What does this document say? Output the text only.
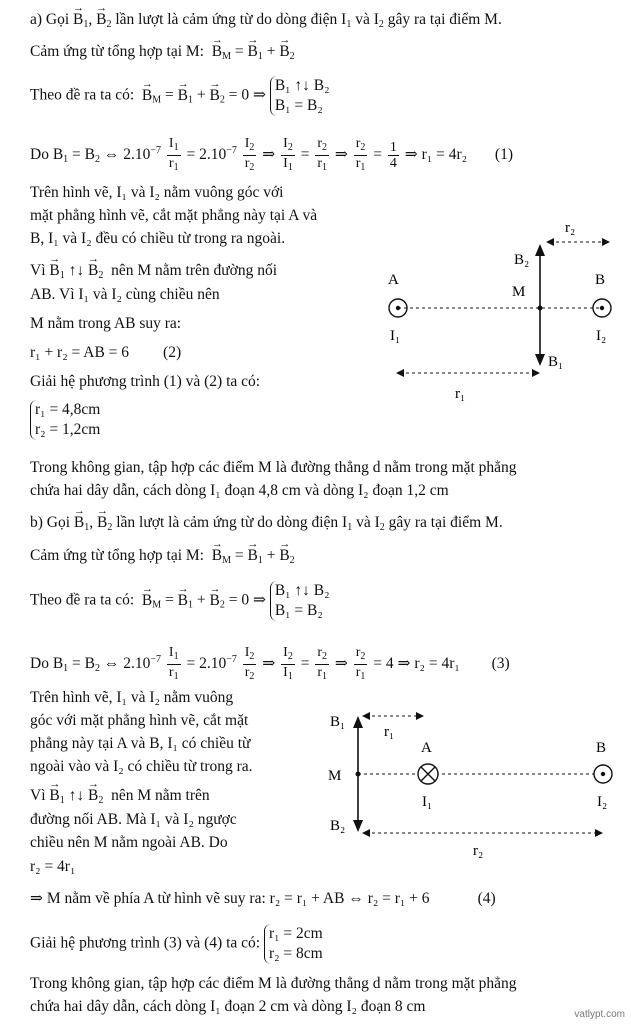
a) Gọi → $B_1$, → $B_2$ lần lượt là cảm ứng từ do dòng điện $I_1$ và $I_2$ gây ra tại điểm M.
Cảm ứng từ tổng hợp tại M: → $B_M$ = → $B_1$ + → $B_2$
Theo đề ra ta có: → $B_M$ = → $B_1$ + → $B_2 = 0$ ⇒
B₁ ↑↓ B₂
B₁ = B₂
Do $B_1 = B_2$ ⇔ $2.10^{-7} \frac{I_1}{r_1} = 2.10^{-7} \frac{I_2}{r_2}$ ⇒ $\frac{I_2}{I_1} = \frac{r_2}{r_1}$ ⇒ $\frac{r_2}{r_1} = \frac{1}{4}$ ⇒ r₁ = 4r₂ (1)
Trên hình vẽ, I₁ và I₂ nằm vuông góc với
mặt phẳng hình vẽ, cắt mặt phẳng này tại A và
B, I₁ và I₂ đều có chiều từ trong ra ngoài.
Vì → $B_1$ ↑↓ → $B_2$ nên M nằm trên đường nối
AB. Vì I₁ và I₂ cùng chiều nên
M nằm trong AB suy ra:
r₁ + r₂ = AB = 6 (2)
Giải hệ phương trình (1) và (2) ta có:
r₁ = 4,8cm
r₂ = 1,2cm
Trong không gian, tập hợp các điểm M là đường thẳng d nằm trong mặt phẳng
chứa hai dây dẫn, cách dòng I₁ đoạn 4,8 cm và dòng I₂ đoạn 1,2 cm
A	B
M
I₁	I₂
B₂
B₁
r₂
r₁
b) Gọi → $B_1$, → $B_2$ lần lượt là cảm ứng từ do dòng điện $I_1$ và $I_2$ gây ra tại điểm M.
Cảm ứng từ tổng hợp tại M: → $B_M$ = → $B_1$ + → $B_2$
Theo đề ra ta có: → $B_M$ = → $B_1$ + → $B_2 = 0$ ⇒
B₁ ↑↓ B₂
B₁ = B₂
Do $B_1 = B_2$ ⇔ $2.10^{-7} \frac{I_1}{r_1} = 2.10^{-7} \frac{I_2}{r_2}$ ⇒ $\frac{I_2}{I_1} = \frac{r_2}{r_1}$ ⇒ $\frac{r_2}{r_1} = 4$ ⇒ r₂ = 4r₁ (3)
Trên hình vẽ, I₁ và I₂ nằm vuông
góc với mặt phẳng hình vẽ, cắt mặt
phẳng này tại A và B, I₁ có chiều từ
ngoài vào và I₂ có chiều từ trong ra.
Vì → $B_1$ ↑↓ → $B_2$ nên M nằm trên
đường nối AB. Mà I₁ và I₂ ngược
chiều nên M nằm ngoài AB. Do
r₂ = 4r₁
⇒ M nằm về phía A từ hình vẽ suy ra: r₂ = r₁ + AB ⇔ r₂ = r₁ + 6	(4)
Giải hệ phương trình (3) và (4) ta có:
r₁ = 2cm
r₂ = 8cm
Trong không gian, tập hợp các điểm M là đường thẳng d nằm trong mặt phẳng
chứa hai dây dẫn, cách dòng I₁ đoạn 2 cm và dòng I₂ đoạn 8 cm
A	B
M
I₁	I₂
B₁
B₂
r₁
r₂
vatlypt.com
